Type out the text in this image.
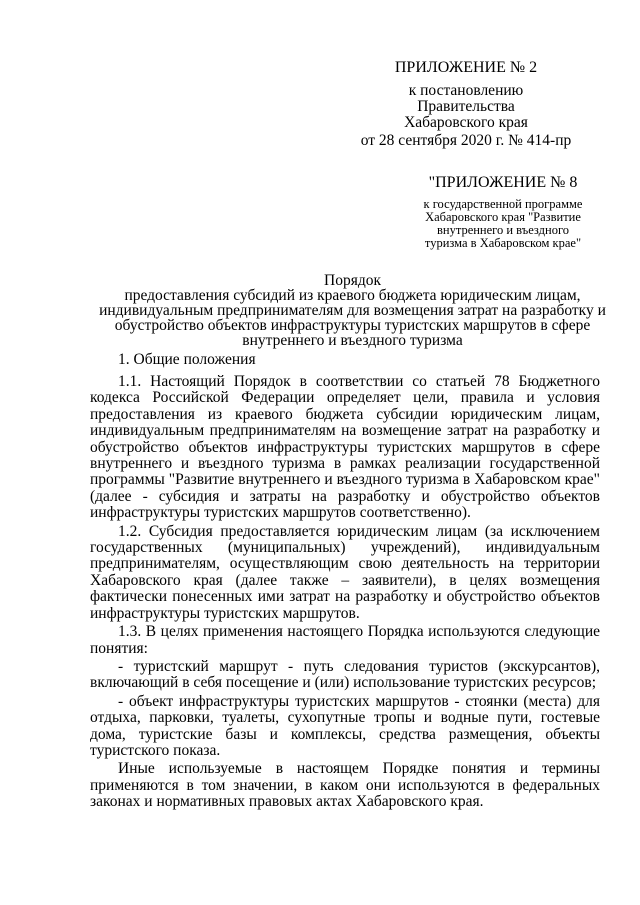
ПРИЛОЖЕНИЕ № 2
к постановлению
Правительства
Хабаровского края
от 28 сентября 2020 г. № 414-пр
"ПРИЛОЖЕНИЕ № 8
к государственной программе
Хабаровского края "Развитие
внутреннего и въездного
туризма в Хабаровском крае"
Порядок
предоставления субсидий из краевого бюджета юридическим лицам,
индивидуальным предпринимателям для возмещения затрат на разработку и
обустройство объектов инфраструктуры туристских маршрутов в сфере
внутреннего и въездного туризма
1. Общие положения

1.1. Настоящий Порядок в соответствии со статьей 78 Бюджетного кодекса Российской Федерации определяет цели, правила и условия предоставления из краевого бюджета субсидии юридическим лицам, индивидуальным предпринимателям на возмещение затрат на разработку и обустройство объектов инфраструктуры туристских маршрутов в сфере внутреннего и въездного туризма в рамках реализации государственной программы "Развитие внутреннего и въездного туризма в Хабаровском крае" (далее - субсидия и затраты на разработку и обустройство объектов инфраструктуры туристских маршрутов соответственно).

1.2. Субсидия предоставляется юридическим лицам (за исключением государственных (муниципальных) учреждений), индивидуальным предпринимателям, осуществляющим свою деятельность на территории Хабаровского края (далее также – заявители), в целях возмещения фактически понесенных ими затрат на разработку и обустройство объектов инфраструктуры туристских маршрутов.

1.3. В целях применения настоящего Порядка используются следующие понятия:

- туристский маршрут - путь следования туристов (экскурсантов), включающий в себя посещение и (или) использование туристских ресурсов;

- объект инфраструктуры туристских маршрутов - стоянки (места) для отдыха, парковки, туалеты, сухопутные тропы и водные пути, гостевые дома, туристские базы и комплексы, средства размещения, объекты туристского показа.

Иные используемые в настоящем Порядке понятия и термины применяются в том значении, в каком они используются в федеральных законах и нормативных правовых актах Хабаровского края.
